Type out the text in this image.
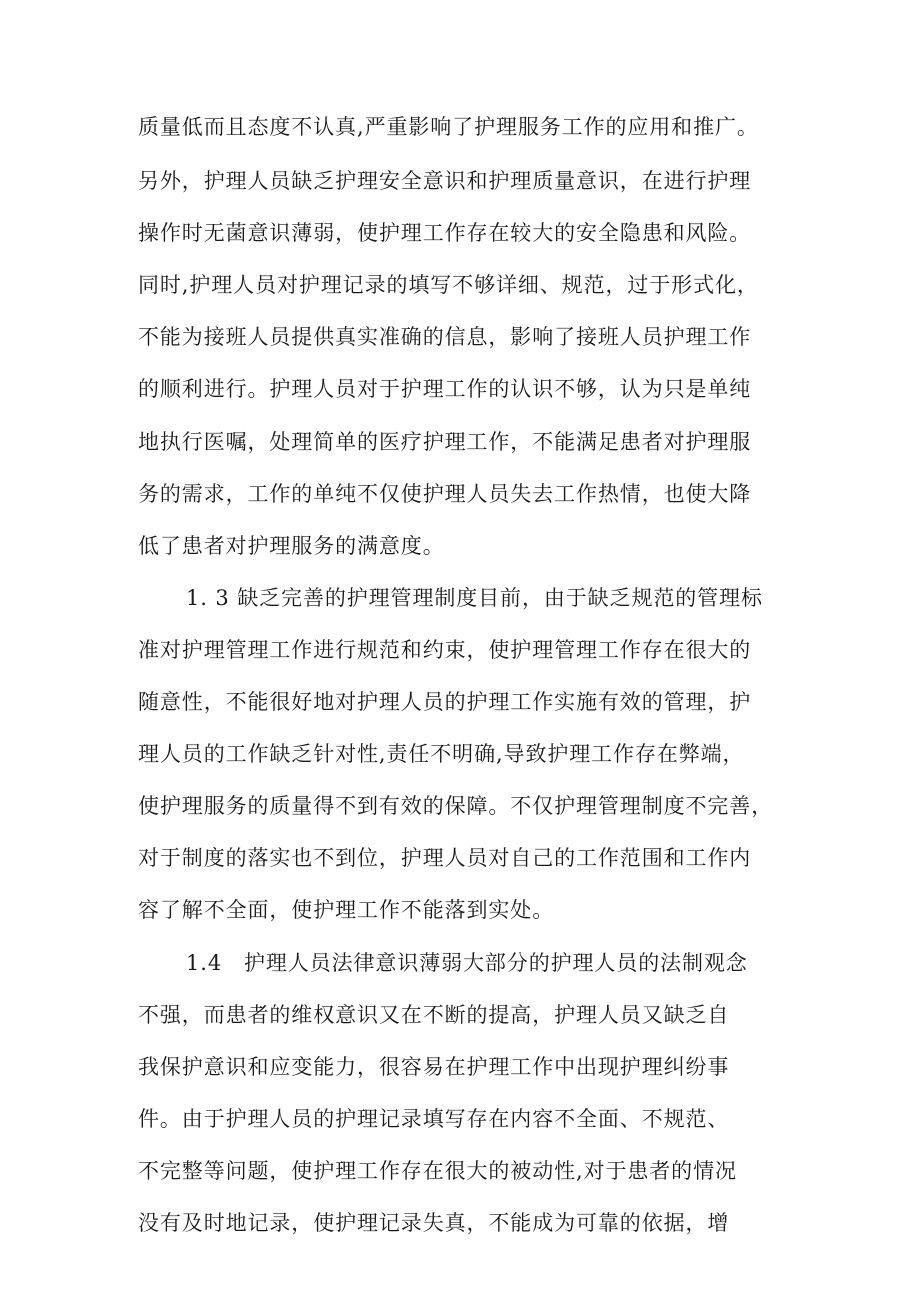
质量低而且态度不认真,严重影响了护理服务工作的应用和推广。
另外，护理人员缺乏护理安全意识和护理质量意识，在进行护理
操作时无菌意识薄弱，使护理工作存在较大的安全隐患和风险。
同时,护理人员对护理记录的填写不够详细、规范，过于形式化，
不能为接班人员提供真实准确的信息，影响了接班人员护理工作
的顺利进行。护理人员对于护理工作的认识不够，认为只是单纯
地执行医嘱，处理简单的医疗护理工作，不能满足患者对护理服
务的需求，工作的单纯不仅使护理人员失去工作热情，也使大降
低了患者对护理服务的满意度。
1. 3 缺乏完善的护理管理制度目前，由于缺乏规范的管理标
准对护理管理工作进行规范和约束，使护理管理工作存在很大的
随意性，不能很好地对护理人员的护理工作实施有效的管理，护
理人员的工作缺乏针对性,责任不明确,导致护理工作存在弊端，
使护理服务的质量得不到有效的保障。不仅护理管理制度不完善，
对于制度的落实也不到位，护理人员对自己的工作范围和工作内
容了解不全面，使护理工作不能落到实处。
1.4　护理人员法律意识薄弱大部分的护理人员的法制观念
不强，而患者的维权意识又在不断的提高，护理人员又缺乏自
我保护意识和应变能力，很容易在护理工作中出现护理纠纷事
件。由于护理人员的护理记录填写存在内容不全面、不规范、
不完整等问题，使护理工作存在很大的被动性,对于患者的情况
没有及时地记录，使护理记录失真，不能成为可靠的依据，增
